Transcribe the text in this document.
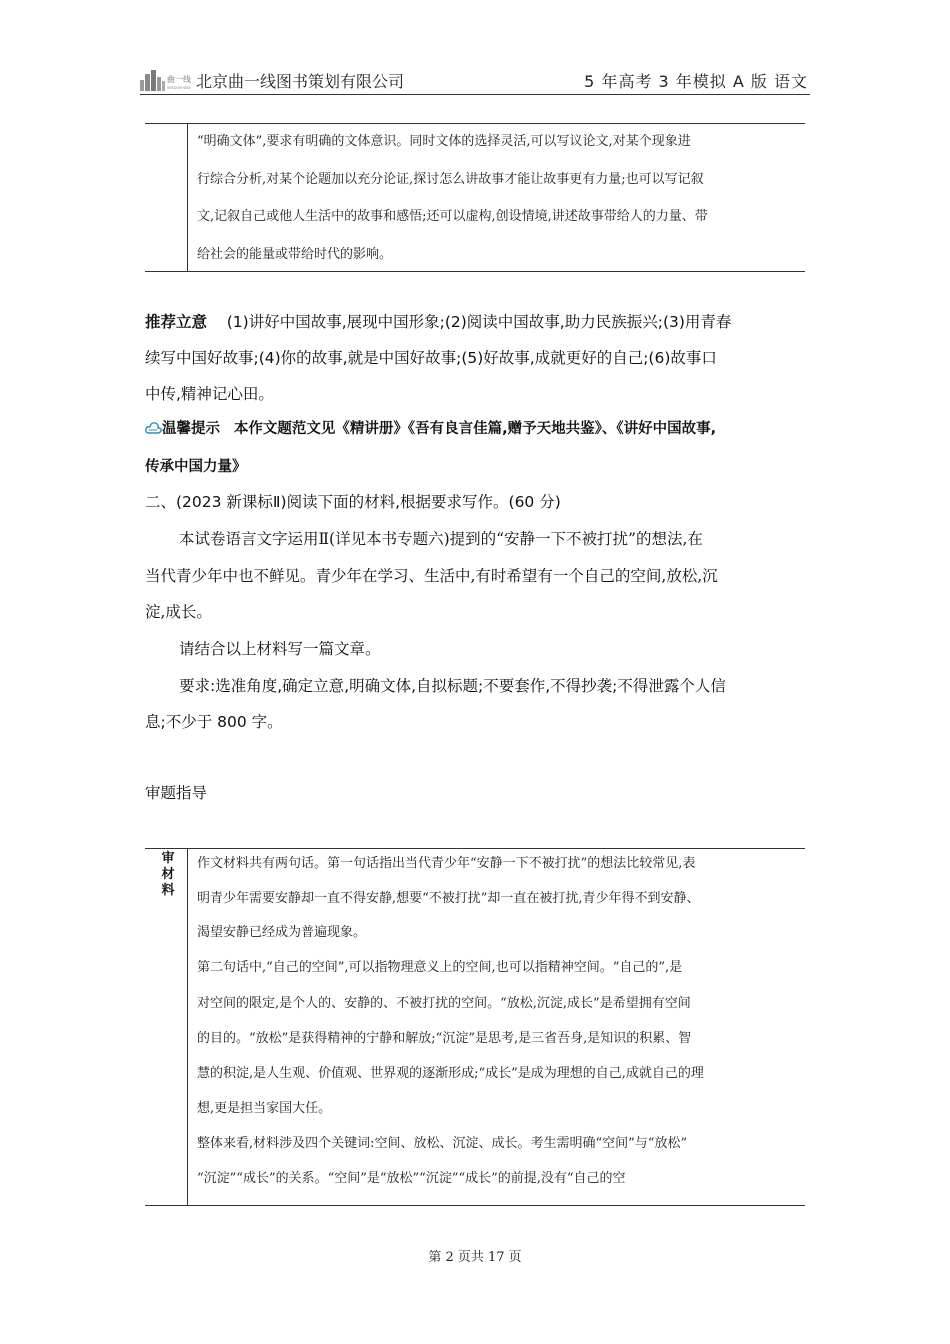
曲一线
WISDOM WAY 北京曲一线图书策划有限公司	5 年高考 3 年模拟 A 版 语文
“明确文体”,要求有明确的文体意识。同时文体的选择灵活,可以写议论文,对某个现象进
行综合分析,对某个论题加以充分论证,探讨怎么讲故事才能让故事更有力量;也可以写记叙
文,记叙自己或他人生活中的故事和感悟;还可以虚构,创设情境,讲述故事带给人的力量、带
给社会的能量或带给时代的影响。
推荐立意 (1)讲好中国故事,展现中国形象;(2)阅读中国故事,助力民族振兴;(3)用青春
续写中国好故事;(4)你的故事,就是中国好故事;(5)好故事,成就更好的自己;(6)故事口
中传,精神记心田。
温馨提示 本作文题范文见《精讲册》《吾有良言佳篇,赠予天地共鉴》、《讲好中国故事,
传承中国力量》
二、(2023 新课标Ⅱ)阅读下面的材料,根据要求写作。(60 分)
本试卷语言文字运用Ⅱ(详见本书专题六)提到的“安静一下不被打扰”的想法,在
当代青少年中也不鲜见。青少年在学习、生活中,有时希望有一个自己的空间,放松,沉
淀,成长。
请结合以上材料写一篇文章。
要求:选准角度,确定立意,明确文体,自拟标题;不要套作,不得抄袭;不得泄露个人信
息;不少于 800 字。
审题指导
审
材
料
作文材料共有两句话。第一句话指出当代青少年“安静一下不被打扰”的想法比较常见,表
明青少年需要安静却一直不得安静,想要“不被打扰”却一直在被打扰,青少年得不到安静、
渴望安静已经成为普遍现象。
第二句话中,“自己的空间”,可以指物理意义上的空间,也可以指精神空间。“自己的”,是
对空间的限定,是个人的、安静的、不被打扰的空间。“放松,沉淀,成长”是希望拥有空间
的目的。“放松”是获得精神的宁静和解放;“沉淀”是思考,是三省吾身,是知识的积累、智
慧的积淀,是人生观、价值观、世界观的逐渐形成;“成长”是成为理想的自己,成就自己的理
想,更是担当家国大任。
整体来看,材料涉及四个关键词:空间、放松、沉淀、成长。考生需明确“空间”与“放松”
“沉淀”“成长”的关系。“空间”是“放松”“沉淀”“成长”的前提,没有“自己的空
第 2 页共 17 页
